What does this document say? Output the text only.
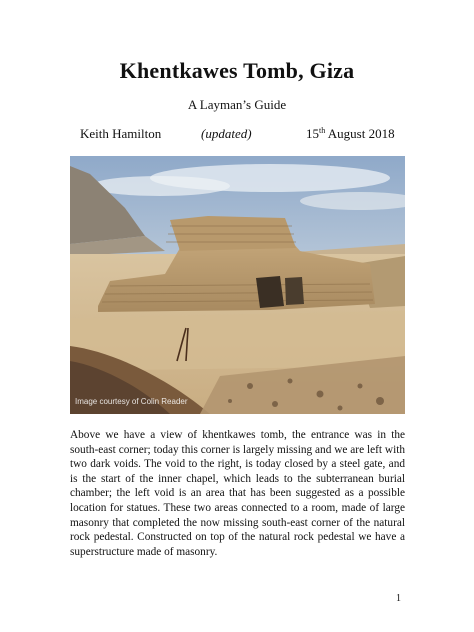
Khentkawes Tomb, Giza
A Layman’s Guide
Keith Hamilton	(updated)	15th August 2018
Image courtesy of Colin Reader

Above we have a view of khentkawes tomb, the entrance was in the south-east corner; today this corner is largely missing and we are left with two dark voids. The void to the right, is today closed by a steel gate, and is the start of the inner chapel, which leads to the subterranean burial chamber; the left void is an area that has been suggested as a possible location for statues. These two areas connected to a room, made of large masonry that completed the now missing south-east corner of the natural rock pedestal. Constructed on top of the natural rock pedestal we have a superstructure made of masonry.

1
